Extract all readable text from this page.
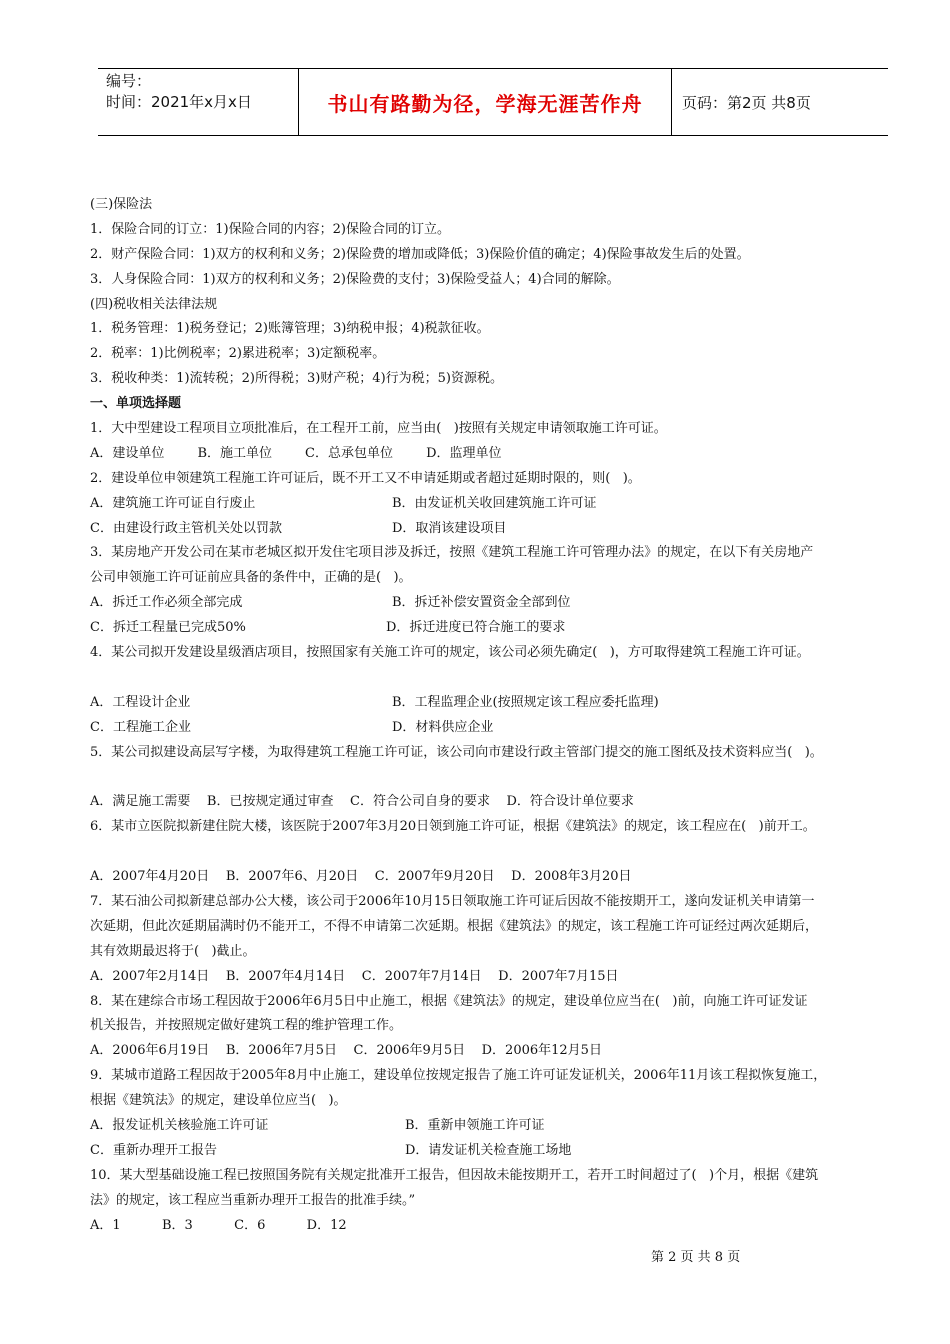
编号：
时间：2021年x月x日	书山有路勤为径，学海无涯苦作舟	页码：第2页 共8页
(三)保险法
1．保险合同的订立：1)保险合同的内容；2)保险合同的订立。
2．财产保险合同：1)双方的权利和义务；2)保险费的增加或降低；3)保险价值的确定；4)保险事故发生后的处置。
3．人身保险合同：1)双方的权利和义务；2)保险费的支付；3)保险受益人；4)合同的解除。
(四)税收相关法律法规
1．税务管理：1)税务登记；2)账簿管理；3)纳税申报；4)税款征收。
2．税率：1)比例税率；2)累进税率；3)定额税率。
3．税收种类：1)流转税；2)所得税；3)财产税；4)行为税；5)资源税。
一、单项选择题
1．大中型建设工程项目立项批准后，在工程开工前，应当由(   )按照有关规定申请领取施工许可证。
A．建设单位        B．施工单位        C．总承包单位        D．监理单位
2．建设单位申领建筑工程施工许可证后，既不开工又不申请延期或者超过延期时限的，则(   )。
A．建筑施工许可证自行废止	B．由发证机关收回建筑施工许可证
C．由建设行政主管机关处以罚款	D．取消该建设项目
3．某房地产开发公司在某市老城区拟开发住宅项目涉及拆迁，按照《建筑工程施工许可管理办法》的规定，在以下有关房地产
公司申领施工许可证前应具备的条件中，正确的是(   )。
A．拆迁工作必须全部完成	B．拆迁补偿安置资金全部到位
C．拆迁工程量已完成50%	D．拆迁进度已符合施工的要求
4．某公司拟开发建设星级酒店项目，按照国家有关施工许可的规定，该公司必须先确定(   )，方可取得建筑工程施工许可证。
A．工程设计企业	B．工程监理企业(按照规定该工程应委托监理)
C．工程施工企业	D．材料供应企业
5．某公司拟建设高层写字楼，为取得建筑工程施工许可证，该公司向市建设行政主管部门提交的施工图纸及技术资料应当(   )。
A．满足施工需要    B．已按规定通过审查    C．符合公司自身的要求    D．符合设计单位要求
6．某市立医院拟新建住院大楼，该医院于2007年3月20日领到施工许可证，根据《建筑法》的规定，该工程应在(   )前开工。
A．2007年4月20日    B．2007年6、月20日    C．2007年9月20日    D．2008年3月20日
7．某石油公司拟新建总部办公大楼，该公司于2006年10月15日领取施工许可证后因故不能按期开工，遂向发证机关申请第一
次延期，但此次延期届满时仍不能开工，不得不申请第二次延期。根据《建筑法》的规定，该工程施工许可证经过两次延期后，
其有效期最迟将于(   )截止。
A．2007年2月14日    B．2007年4月14日    C．2007年7月14日    D．2007年7月15日
8．某在建综合市场工程因故于2006年6月5日中止施工，根据《建筑法》的规定，建设单位应当在(   )前，向施工许可证发证
机关报告，并按照规定做好建筑工程的维护管理工作。
A．2006年6月19日    B．2006年7月5日    C．2006年9月5日    D．2006年12月5日
9．某城市道路工程因故于2005年8月中止施工，建设单位按规定报告了施工许可证发证机关，2006年11月该工程拟恢复施工，
根据《建筑法》的规定，建设单位应当(   )。
A．报发证机关核验施工许可证	B．重新申领施工许可证
C．重新办理开工报告	D．请发证机关检查施工场地
10．某大型基础设施工程已按照国务院有关规定批准开工报告，但因故未能按期开工，若开工时间超过了(   )个月，根据《建筑
法》的规定，该工程应当重新办理开工报告的批准手续。”
A．1          B．3          C．6          D．12
第 2 页 共 8 页
